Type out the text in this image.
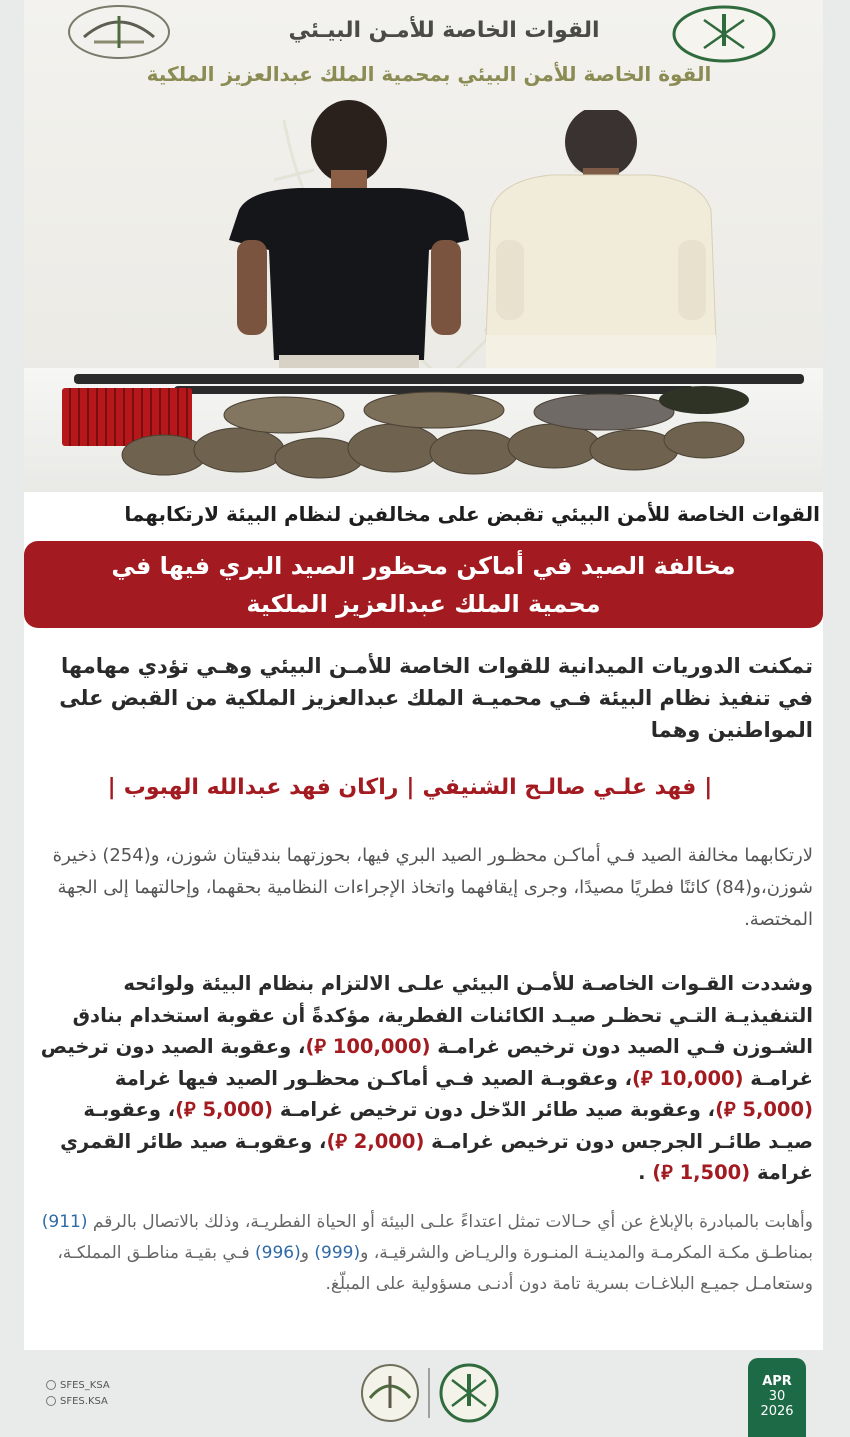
القوات الخاصة للأمـن البيـئي
القوة الخاصة للأمن البيئي بمحمية الملك عبدالعزيز الملكية
القوات الخاصة للأمن البيئي تقبض على مخالفين لنظام البيئة لارتكابهما
مخالفة الصيد في أماكن محظور الصيد البري فيها في
محمية الملك عبدالعزيز الملكية
تمكنت الدوريات الميدانية للقوات الخاصة للأمـن البيئي وهـي تؤدي مهامها في تنفيذ نظام البيئة فـي محميـة الملك عبدالعزيز الملكية من القبض على المواطنين وهما
|فهد علـي صالـح الشنيفي|راكان فهد عبدالله الهبوب|
لارتكابهما مخالفة الصيد فـي أماكـن محظـور الصيد البري فيها، بحوزتهما بندقيتان شوزن، و(254) ذخيرة شوزن،و(84) كائنًا فطريًا مصيدًا، وجرى إيقافهما واتخاذ الإجراءات النظامية بحقهما، وإحالتهما إلى الجهة المختصة.
وشددت القـوات الخاصـة للأمـن البيئي علـى الالتزام بنظام البيئة ولوائحه التنفيذيـة التـي تحظـر صيـد الكائنات الفطرية، مؤكدةً أن عقوبة استخدام بنادق الشـوزن فـي الصيد دون ترخيص غرامـة (100,000 ⃁)، وعقوبة الصيد دون ترخيص غرامـة (10,000 ⃁)، وعقوبـة الصيد فـي أماكـن محظـور الصيد فيها غرامة (5,000 ⃁)، وعقوبة صيد طائر الدّخل دون ترخيص غرامـة (5,000 ⃁)، وعقوبـة صيـد طائـر الجرجس دون ترخيص غرامـة (2,000 ⃁)، وعقوبـة صيد طائر القمري غرامة (1,500 ⃁) .
وأهابت بالمبادرة بالإبلاغ عن أي حـالات تمثل اعتداءً علـى البيئة أو الحياة الفطريـة، وذلك بالاتصال بالرقم (911) بمناطـق مكـة المكرمـة والمدينـة المنـورة والريـاض والشرقيـة، و(999) و(996) فـي بقيـة مناطـق المملكـة، وستعامـل جميـع البلاغـات بسرية تامة دون أدنـى مسؤولية على المبلّغ.
SFES_KSA
SFES.KSA
APR
30
2026
